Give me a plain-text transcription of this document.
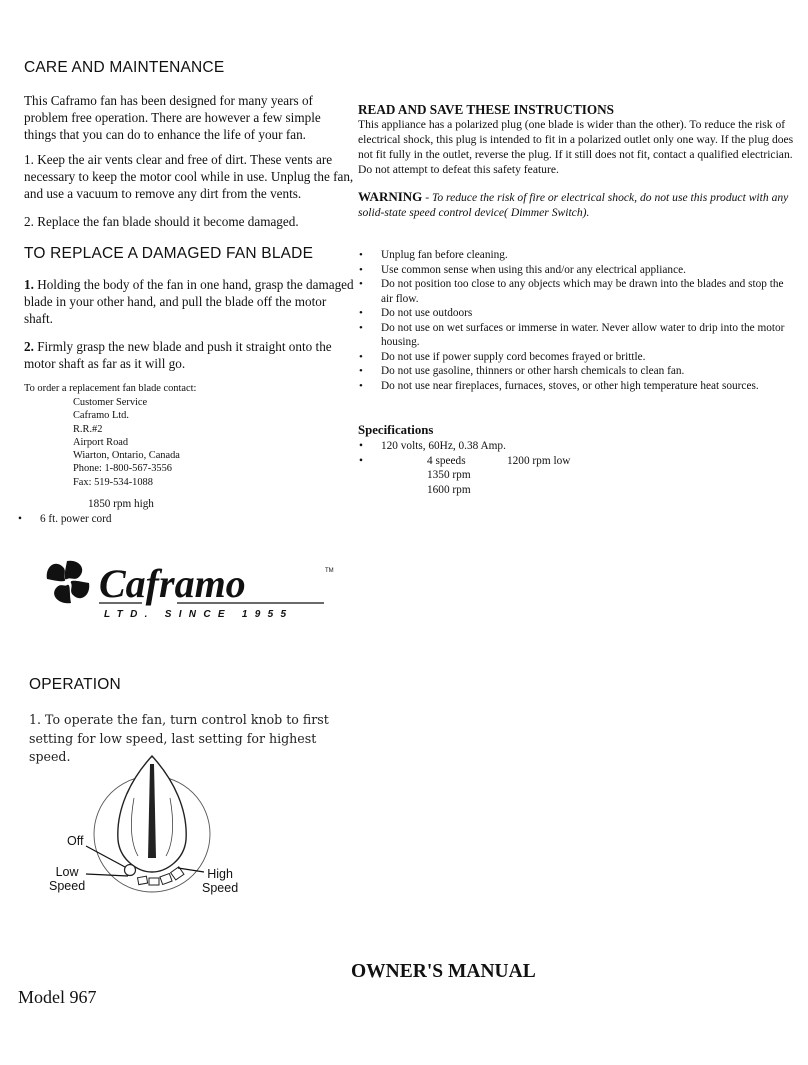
CARE AND MAINTENANCE

This Caframo fan has been designed for many years of problem free operation. There are however a few simple things that you can do to enhance the life of your fan.

1. Keep the air vents clear and free of dirt. These vents are necessary to keep the motor cool while in use. Unplug the fan, and use a vacuum to remove any dirt from the vents.

2. Replace the fan blade should it become damaged.

TO REPLACE A DAMAGED FAN BLADE

1. Holding the body of the fan in one hand, grasp the damaged blade in your other hand, and pull the blade off the motor shaft.

2. Firmly grasp the new blade and push it straight onto the motor shaft as far as it will go.

To order a replacement fan blade contact:
Customer Service
Caframo Ltd.
R.R.#2
Airport Road
Wiarton, Ontario, Canada
Phone: 1-800-567-3556
Fax: 519-534-1088
1850 rpm high
• 6 ft. power cord
Caframo	TM
LTD. SINCE 1955
OPERATION

1. To operate the fan, turn control knob to first setting for low speed, last setting for highest speed.

Off
Low
Speed
High
Speed
READ AND SAVE THESE INSTRUCTIONS

This appliance has a polarized plug (one blade is wider than the other). To reduce the risk of electrical shock, this plug is intended to fit in a polarized outlet only one way. If the plug does not fit fully in the outlet, reverse the plug. If it still does not fit, contact a qualified electrician. Do not attempt to defeat this safety feature.

WARNING - To reduce the risk of fire or electrical shock, do not use this product with any solid-state speed control device( Dimmer Switch).

• Unplug fan before cleaning.
• Use common sense when using this and/or any electrical appliance.
• Do not position too close to any objects which may be drawn into the blades and stop the air flow.
• Do not use outdoors
• Do not use on wet surfaces or immerse in water. Never allow water to drip into the motor housing.
• Do not use if power supply cord becomes frayed or brittle.
• Do not use gasoline, thinners or other harsh chemicals to clean fan.
• Do not use near fireplaces, furnaces, stoves, or other high temperature heat sources.
Specifications
• 120 volts, 60Hz, 0.38 Amp.
•	4 speeds	1200 rpm low
1350 rpm
1600 rpm
OWNER'S MANUAL
Model 967
